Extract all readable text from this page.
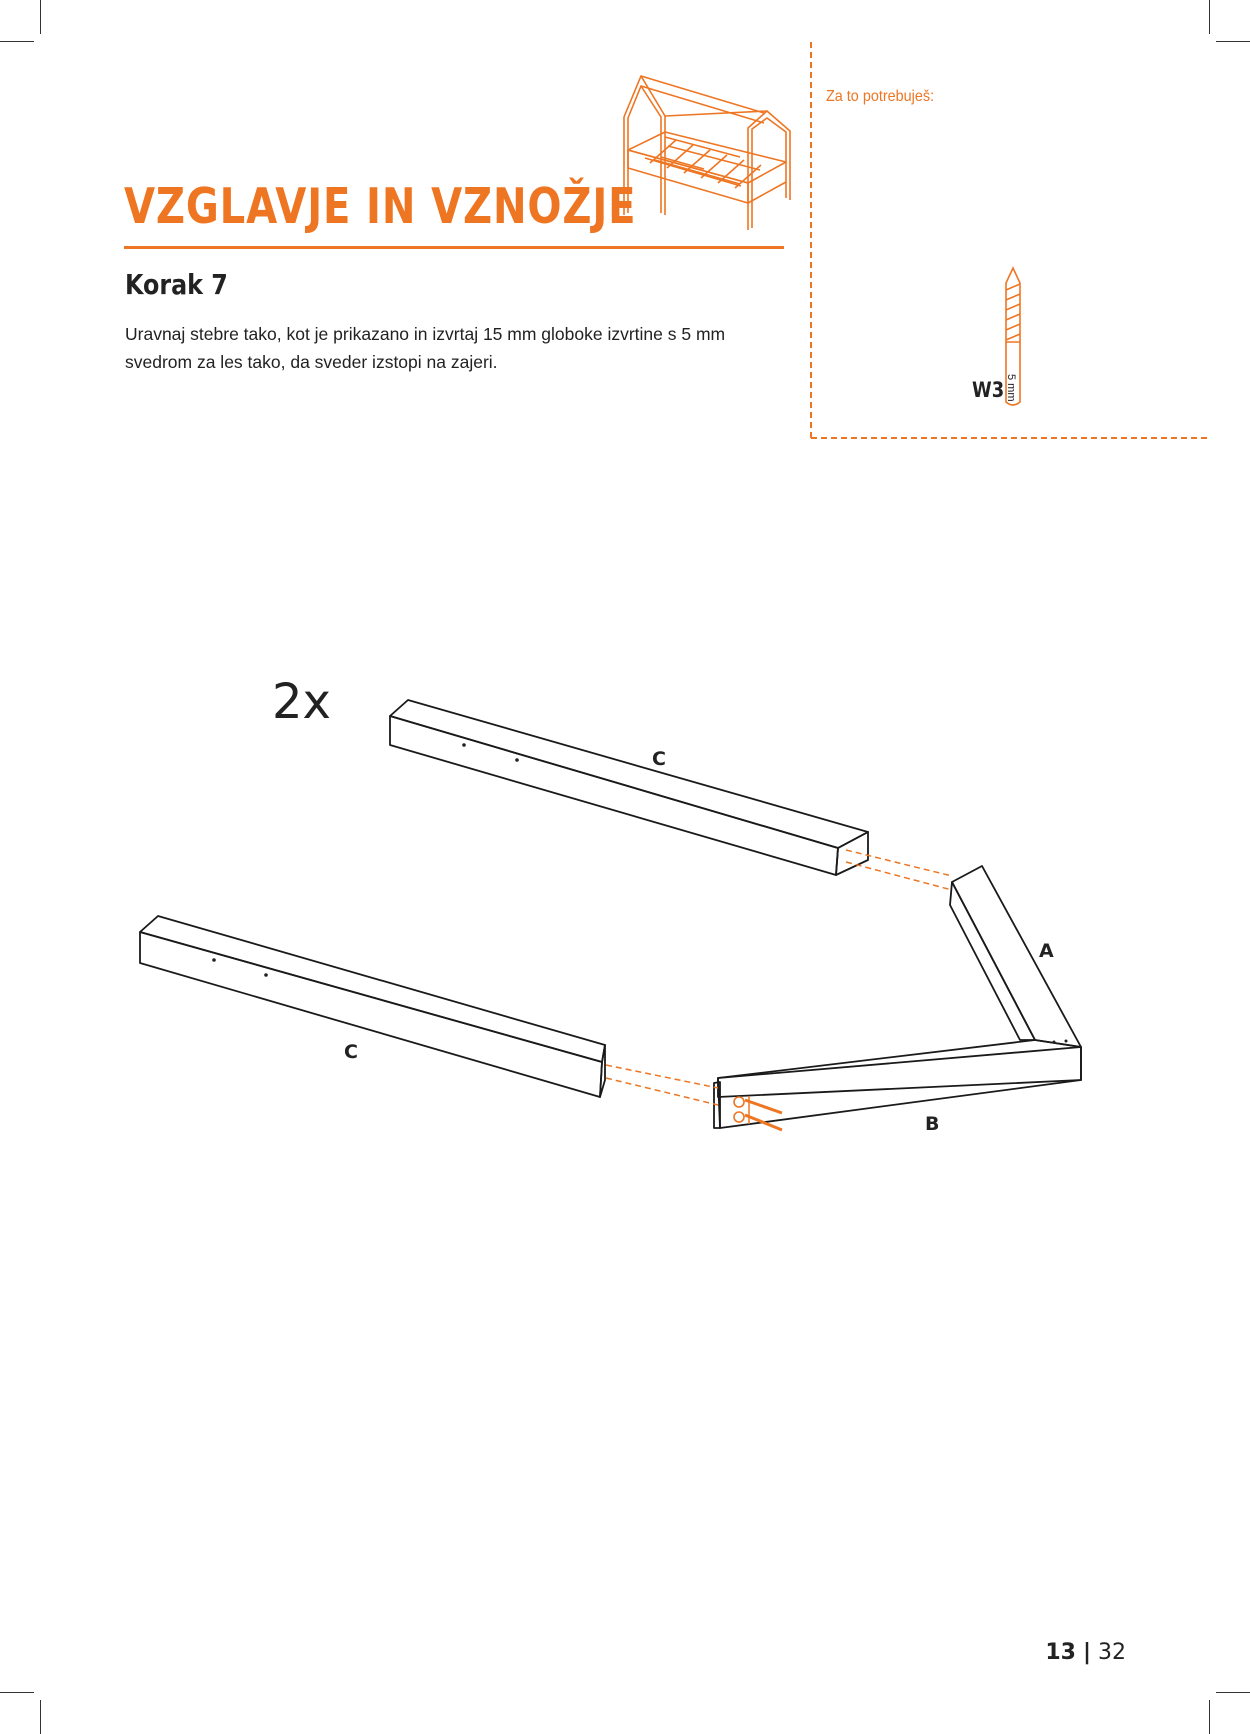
2x
C
C
A
B
VZGLAVJE IN VZNOŽJE
Korak 7

Uravnaj stebre tako, kot je prikazano in izvrtaj 15 mm globoke izvrtine s 5 mm svedrom za les tako, da sveder izstopi na zajeri.

Za to potrebuješ:
W3 5 mm
13 | 32
